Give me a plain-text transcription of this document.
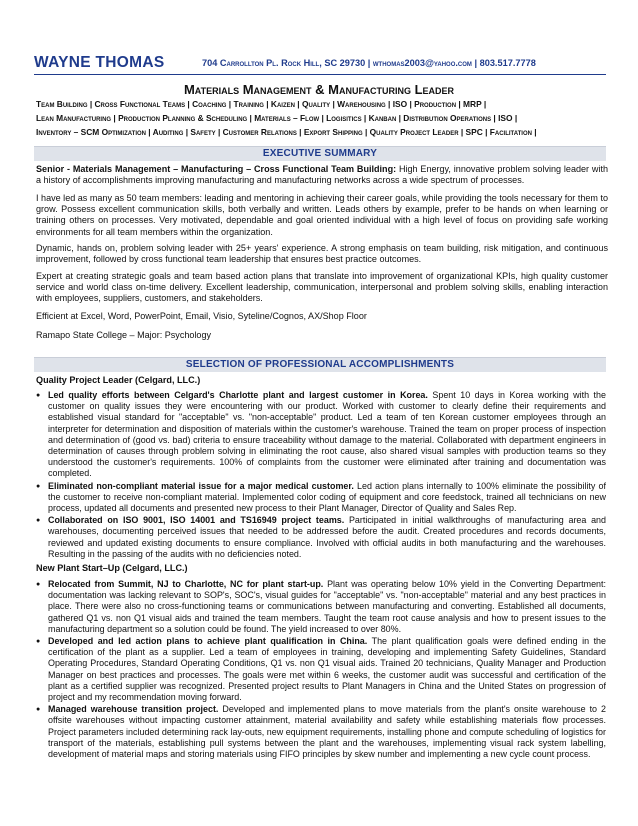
WAYNE THOMAS	704 Carrollton Pl. Rock Hill, SC 29730 | wthomas2003@yahoo.com | 803.517.7778
Materials Management & Manufacturing Leader
Team Building | Cross Functional Teams | Coaching | Training | Kaizen | Quality | Warehousing | ISO | Production | MRP |
Lean Manufacturing | Production Planning & Scheduling | Materials – Flow | Logisitics | Kanban | Distribution Operations | ISO |
Inventory – SCM Optimization | Auditing | Safety | Customer Relations | Export Shipping | Quality Project Leader | SPC | Facilitation |
EXECUTIVE SUMMARY
Senior - Materials Management – Manufacturing – Cross Functional Team Building: High Energy, innovative problem solving leader with a history of accomplishments improving manufacturing and manufacturing networks across a wide spectrum of processes.
I have led as many as 50 team members: leading and mentoring in achieving their career goals, while providing the tools necessary for them to grow. Possess excellent communication skills, both verbally and written. Leads others by example, prefer to be hands on when learning or training others on processes. Very motivated, dependable and goal oriented individual with a high level of focus on providing safe working environments for all team members within the organization.
Dynamic, hands on, problem solving leader with 25+ years' experience. A strong emphasis on team building, risk mitigation, and continuous improvement, followed by cross functional team leadership that ensures best practice outcomes.
Expert at creating strategic goals and team based action plans that translate into improvement of organizational KPIs, high quality customer service and world class on-time delivery. Excellent leadership, communication, interpersonal and problem solving skills, enabling interaction with employees, suppliers, customers, and stakeholders.
Efficient at Excel, Word, PowerPoint, Email, Visio, Syteline/Cognos, AX/Shop Floor
Ramapo State College – Major: Psychology
SELECTION OF PROFESSIONAL ACCOMPLISHMENTS
Quality Project Leader (Celgard, LLC.)
● Led quality efforts between Celgard's Charlotte plant and largest customer in Korea. Spent 10 days in Korea working with the customer on quality issues they were encountering with our product. Worked with customer to clearly define their requirements and established visual standard for "acceptable" vs. "non-acceptable" product. Led a team of ten Korean customer employees through an interpreter for determination and disposition of materials within the customer's warehouse. Trained the team on proper process of inspection and determination of (good vs. bad) criteria to ensure traceability without damage to the material. Collaborated with department engineers in determination of causes through problem solving in eliminating the root cause, also shared visual samples with production teams so they understood the customer's requirements. 100% of complaints from the customer were eliminated after training and documentation was completed.
● Eliminated non-compliant material issue for a major medical customer. Led action plans internally to 100% eliminate the possibility of the customer to receive non-compliant material. Implemented color coding of equipment and core feedstock, trained all technicians on new process, updated all documents and presented new process to their Plant Manager, Director of Quality and Sales Rep.
● Collaborated on ISO 9001, ISO 14001 and TS16949 project teams. Participated in initial walkthroughs of manufacturing area and warehouses, documenting perceived issues that needed to be addressed before the audit. Created procedures and records documents, reviewed and updated existing documents to ensure compliance. Involved with official audits in both manufacturing and the warehouses. Resulting in the passing of the audits with no deficiencies noted.
New Plant Start–Up (Celgard, LLC.)
● Relocated from Summit, NJ to Charlotte, NC for plant start-up. Plant was operating below 10% yield in the Converting Department: documentation was lacking relevant to SOP's, SOC's, visual guides for "acceptable" vs. "non-acceptable" material and any best practices in place. There were also no cross-functioning teams or communications between manufacturing and converting. Established all documents, gathered Q1 vs. non Q1 visual aids and trained the team members. Taught the team root cause analysis and how to present issues to the manufacturing department so a solution could be found. The yield increased to over 80%.
● Developed and led action plans to achieve plant qualification in China. The plant qualification goals were defined ending in the certification of the plant as a supplier. Led a team of employees in training, developing and implementing Safety Guidelines, Standard Operating Procedures, Standard Operating Conditions, Q1 vs. non Q1 visual aids. Trained 20 technicians, Quality Manager and Production Manager on best practices and processes. The goals were met within 6 weeks, the customer audit was successful and certification of the plant as a certified supplier was recognized. Presented project results to Plant Managers in China and the United States on progression of project and my recommendation moving forward.
● Managed warehouse transition project. Developed and implemented plans to move materials from the plant's onsite warehouse to 2 offsite warehouses without impacting customer attainment, material availability and safety while establishing materials flow processes. Project parameters included determining rack lay-outs, new equipment requirements, installing phone and compute scheduling of logistics for transport of the materials, establishing pull systems between the plant and the warehouses, implementing visual rack system labelling, development of material maps and storing materials using FIFO principles by skew number and implementing a new cycle count process.
